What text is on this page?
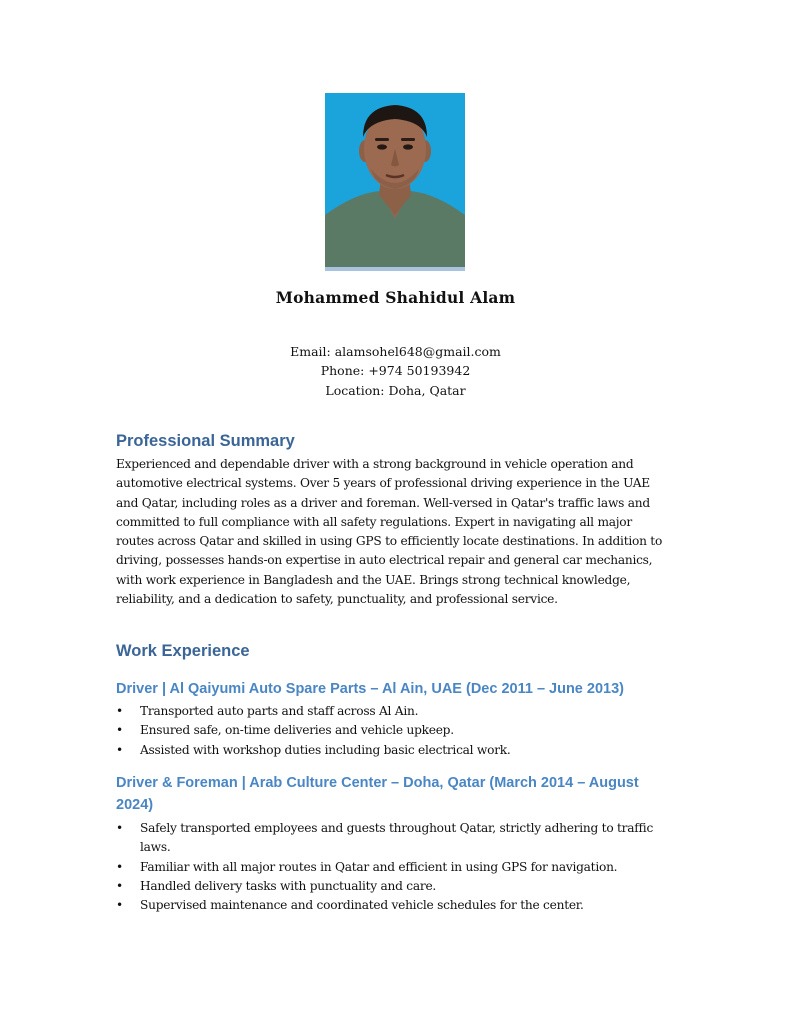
Mohammed Shahidul Alam
Email: alamsohel648@gmail.com
Phone: +974 50193942
Location: Doha, Qatar
Professional Summary
Experienced and dependable driver with a strong background in vehicle operation and
automotive electrical systems. Over 5 years of professional driving experience in the UAE
and Qatar, including roles as a driver and foreman. Well-versed in Qatar's traffic laws and
committed to full compliance with all safety regulations. Expert in navigating all major
routes across Qatar and skilled in using GPS to efficiently locate destinations. In addition to
driving, possesses hands-on expertise in auto electrical repair and general car mechanics,
with work experience in Bangladesh and the UAE. Brings strong technical knowledge,
reliability, and a dedication to safety, punctuality, and professional service.
Work Experience
Driver | Al Qaiyumi Auto Spare Parts – Al Ain, UAE (Dec 2011 – June 2013)
• Transported auto parts and staff across Al Ain.
• Ensured safe, on-time deliveries and vehicle upkeep.
• Assisted with workshop duties including basic electrical work.
Driver & Foreman | Arab Culture Center – Doha, Qatar (March 2014 – August 2024)
• Safely transported employees and guests throughout Qatar, strictly adhering to traffic laws.
• Familiar with all major routes in Qatar and efficient in using GPS for navigation.
• Handled delivery tasks with punctuality and care.
• Supervised maintenance and coordinated vehicle schedules for the center.
